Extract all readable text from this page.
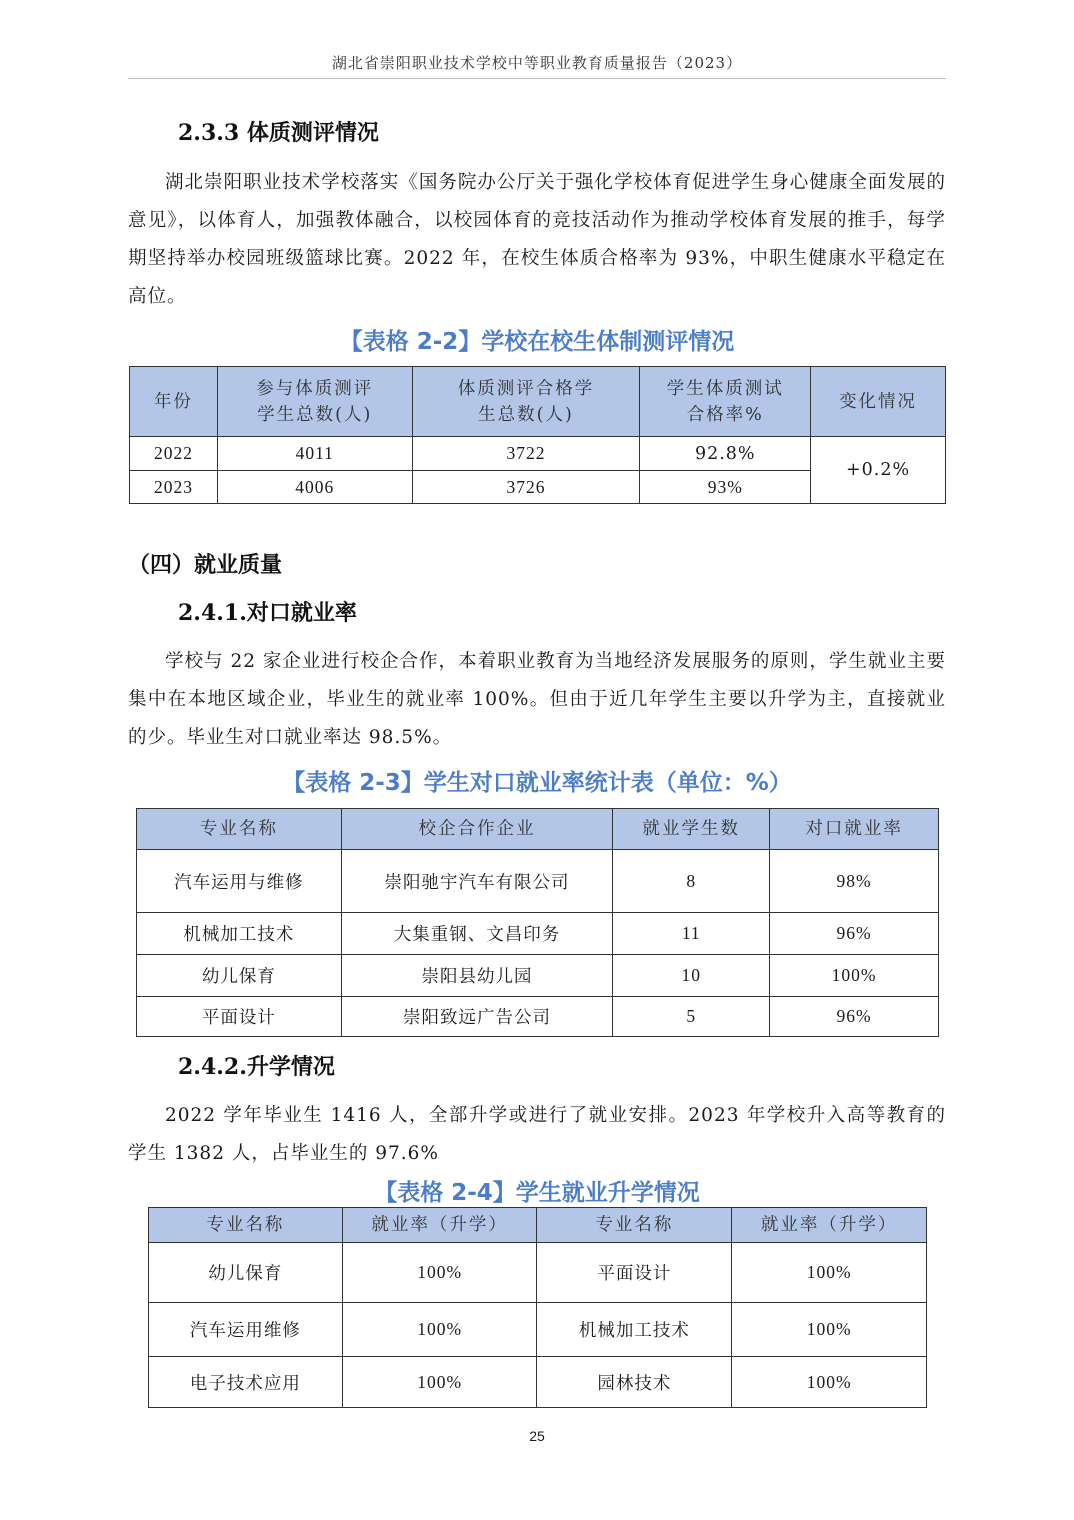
湖北省崇阳职业技术学校中等职业教育质量报告（2023）
2.3.3 体质测评情况

湖北崇阳职业技术学校落实《国务院办公厅关于强化学校体育促进学生身心健康全面发展的意见》，以体育人，加强教体融合，以校园体育的竞技活动作为推动学校体育发展的推手，每学期坚持举办校园班级篮球比赛。2022 年，在校生体质合格率为 93%，中职生健康水平稳定在高位。

【表格 2-2】学校在校生体制测评情况
年份	参与体质测评学生总数(人)	体质测评合格学生总数(人)	学生体质测试合格率%	变化情况
2022	4011	3722	92.8%	+0.2%
2023	4006	3726	93%	
（四）就业质量
2.4.1.对口就业率

学校与 22 家企业进行校企合作，本着职业教育为当地经济发展服务的原则，学生就业主要集中在本地区域企业，毕业生的就业率 100%。但由于近几年学生主要以升学为主，直接就业的少。毕业生对口就业率达 98.5%。

【表格 2-3】学生对口就业率统计表（单位：%）
专业名称	校企合作企业	就业学生数	对口就业率
汽车运用与维修	崇阳驰宇汽车有限公司	8	98%
机械加工技术	大集重钢、文昌印务	11	96%
幼儿保育	崇阳县幼儿园	10	100%
平面设计	崇阳致远广告公司	5	96%
2.4.2.升学情况

2022 学年毕业生 1416 人，全部升学或进行了就业安排。2023 年学校升入高等教育的学生 1382 人，占毕业生的 97.6%

【表格 2-4】学生就业升学情况
专业名称	就业率（升学）	专业名称	就业率（升学）
幼儿保育	100%	平面设计	100%
汽车运用维修	100%	机械加工技术	100%
电子技术应用	100%	园林技术	100%
25
